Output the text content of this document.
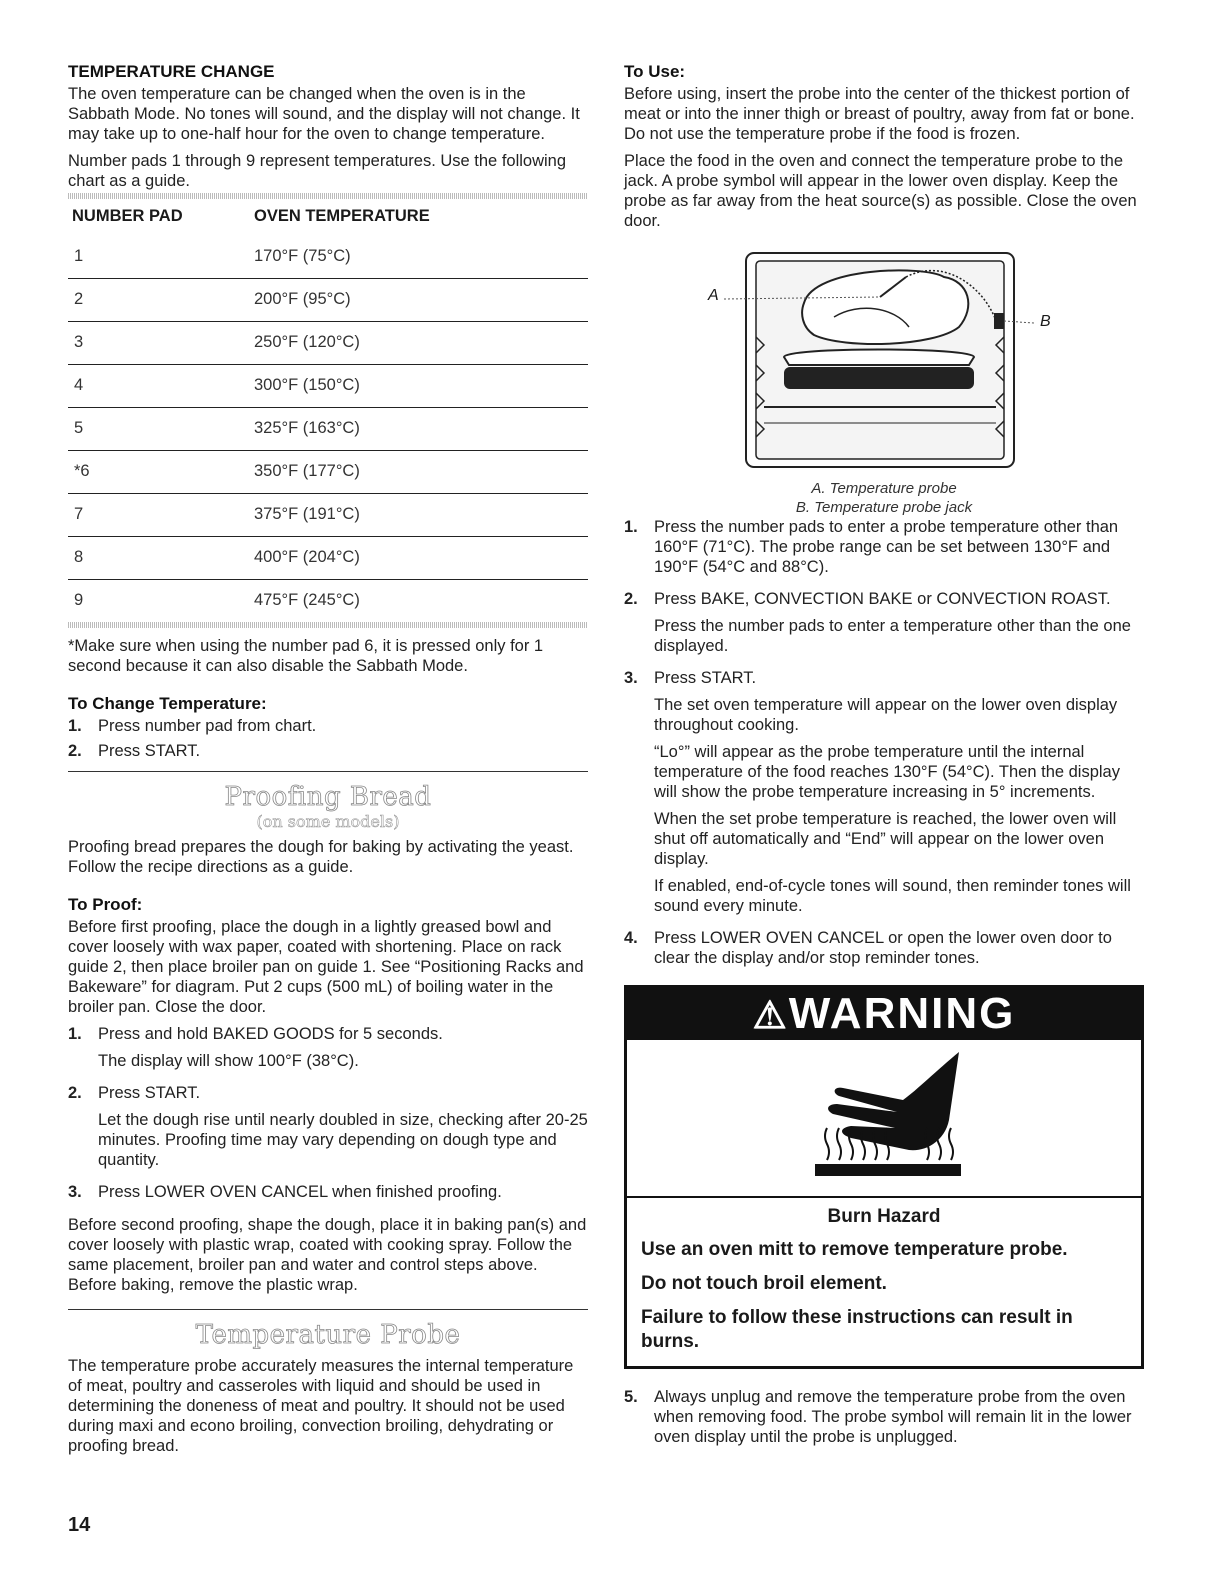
TEMPERATURE CHANGE

The oven temperature can be changed when the oven is in the Sabbath Mode. No tones will sound, and the display will not change. It may take up to one-half hour for the oven to change temperature.

Number pads 1 through 9 represent temperatures. Use the following chart as a guide.

NUMBER PAD	OVEN TEMPERATURE
1	170°F (75°C)
2	200°F (95°C)
3	250°F (120°C)
4	300°F (150°C)
5	325°F (163°C)
*6	350°F (177°C)
7	375°F (191°C)
8	400°F (204°C)
9	475°F (245°C)

*Make sure when using the number pad 6, it is pressed only for 1 second because it can also disable the Sabbath Mode.

To Change Temperature:
1. Press number pad from chart.
2. Press START.
Proofing Bread
(on some models)

Proofing bread prepares the dough for baking by activating the yeast. Follow the recipe directions as a guide.

To Proof:

Before first proofing, place the dough in a lightly greased bowl and cover loosely with wax paper, coated with shortening. Place on rack guide 2, then place broiler pan on guide 1. See “Positioning Racks and Bakeware” for diagram. Put 2 cups (500 mL) of boiling water in the broiler pan. Close the door.

1. Press and hold BAKED GOODS for 5 seconds.

The display will show 100°F (38°C).

2. Press START.

Let the dough rise until nearly doubled in size, checking after 20-25 minutes. Proofing time may vary depending on dough type and quantity.

3. Press LOWER OVEN CANCEL when finished proofing.

Before second proofing, shape the dough, place it in baking pan(s) and cover loosely with plastic wrap, coated with cooking spray. Follow the same placement, broiler pan and water and control steps above. Before baking, remove the plastic wrap.

Temperature Probe

The temperature probe accurately measures the internal temperature of meat, poultry and casseroles with liquid and should be used in determining the doneness of meat and poultry. It should not be used during maxi and econo broiling, convection broiling, dehydrating or proofing bread.

14
To Use:

Before using, insert the probe into the center of the thickest portion of meat or into the inner thigh or breast of poultry, away from fat or bone. Do not use the temperature probe if the food is frozen.

Place the food in the oven and connect the temperature probe to the jack. A probe symbol will appear in the lower oven display. Keep the probe as far away from the heat source(s) as possible. Close the oven door.

A
B
A. Temperature probe
B. Temperature probe jack
1. Press the number pads to enter a probe temperature other than 160°F (71°C). The probe range can be set between 130°F and 190°F (54°C and 88°C).

2. Press BAKE, CONVECTION BAKE or CONVECTION ROAST.

Press the number pads to enter a temperature other than the one displayed.

3. Press START.

The set oven temperature will appear on the lower oven display throughout cooking.

“Lo°” will appear as the probe temperature until the internal temperature of the food reaches 130°F (54°C). Then the display will show the probe temperature increasing in 5° increments.

When the set probe temperature is reached, the lower oven will shut off automatically and “End” will appear on the lower oven display.

If enabled, end-of-cycle tones will sound, then reminder tones will sound every minute.

4. Press LOWER OVEN CANCEL or open the lower oven door to clear the display and/or stop reminder tones.

⚠WARNING
Burn Hazard
Use an oven mitt to remove temperature probe.
Do not touch broil element.
Failure to follow these instructions can result in burns.
5. Always unplug and remove the temperature probe from the oven when removing food. The probe symbol will remain lit in the lower oven display until the probe is unplugged.
